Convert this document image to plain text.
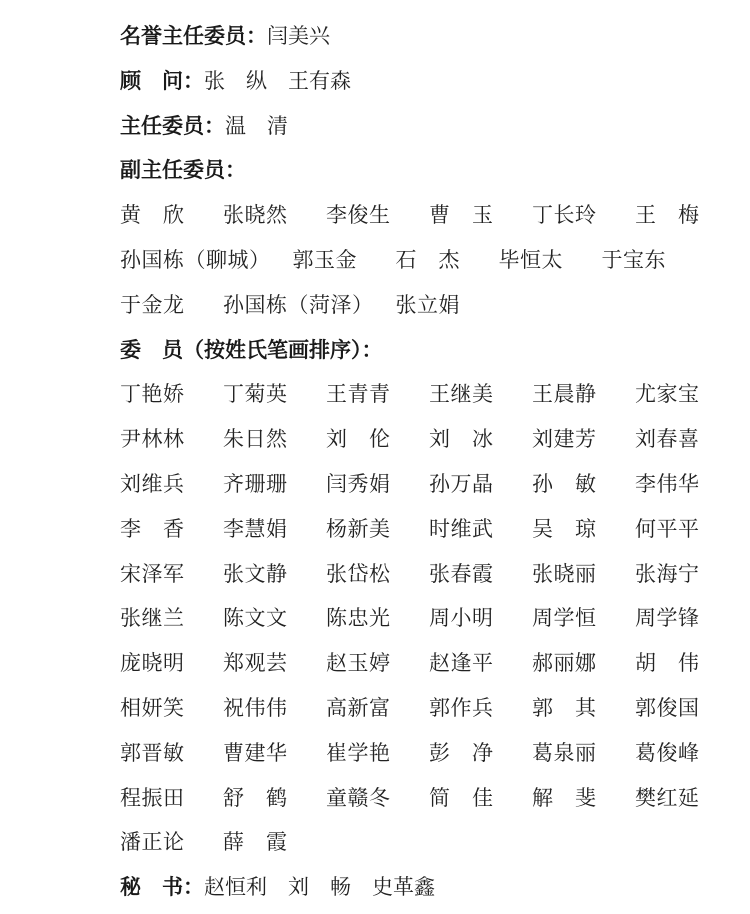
名誉主任委员：闫美兴
顾　问：张　纵　王有森
主任委员：温　清
副主任委员：
黄　欣 张晓然 李俊生 曹　玉 丁长玲 王　梅
孙国栋（聊城） 郭玉金 石　杰 毕恒太 于宝东
于金龙 孙国栋（菏泽） 张立娟
委　员（按姓氏笔画排序）：
丁艳娇 丁菊英 王青青 王继美 王晨静 尤家宝
尹林林 朱日然 刘　伦 刘　冰 刘建芳 刘春喜
刘维兵 齐珊珊 闫秀娟 孙万晶 孙　敏 李伟华
李　香 李慧娟 杨新美 时维武 吴　琼 何平平
宋泽军 张文静 张岱松 张春霞 张晓丽 张海宁
张继兰 陈文文 陈忠光 周小明 周学恒 周学锋
庞晓明 郑观芸 赵玉婷 赵逢平 郝丽娜 胡　伟
相妍笑 祝伟伟 高新富 郭作兵 郭　其 郭俊国
郭晋敏 曹建华 崔学艳 彭　净 葛泉丽 葛俊峰
程振田 舒　鹤 童赣冬 简　佳 解　斐 樊红延
潘正论 薛　霞
秘　书：赵恒利　刘　畅　史革鑫
